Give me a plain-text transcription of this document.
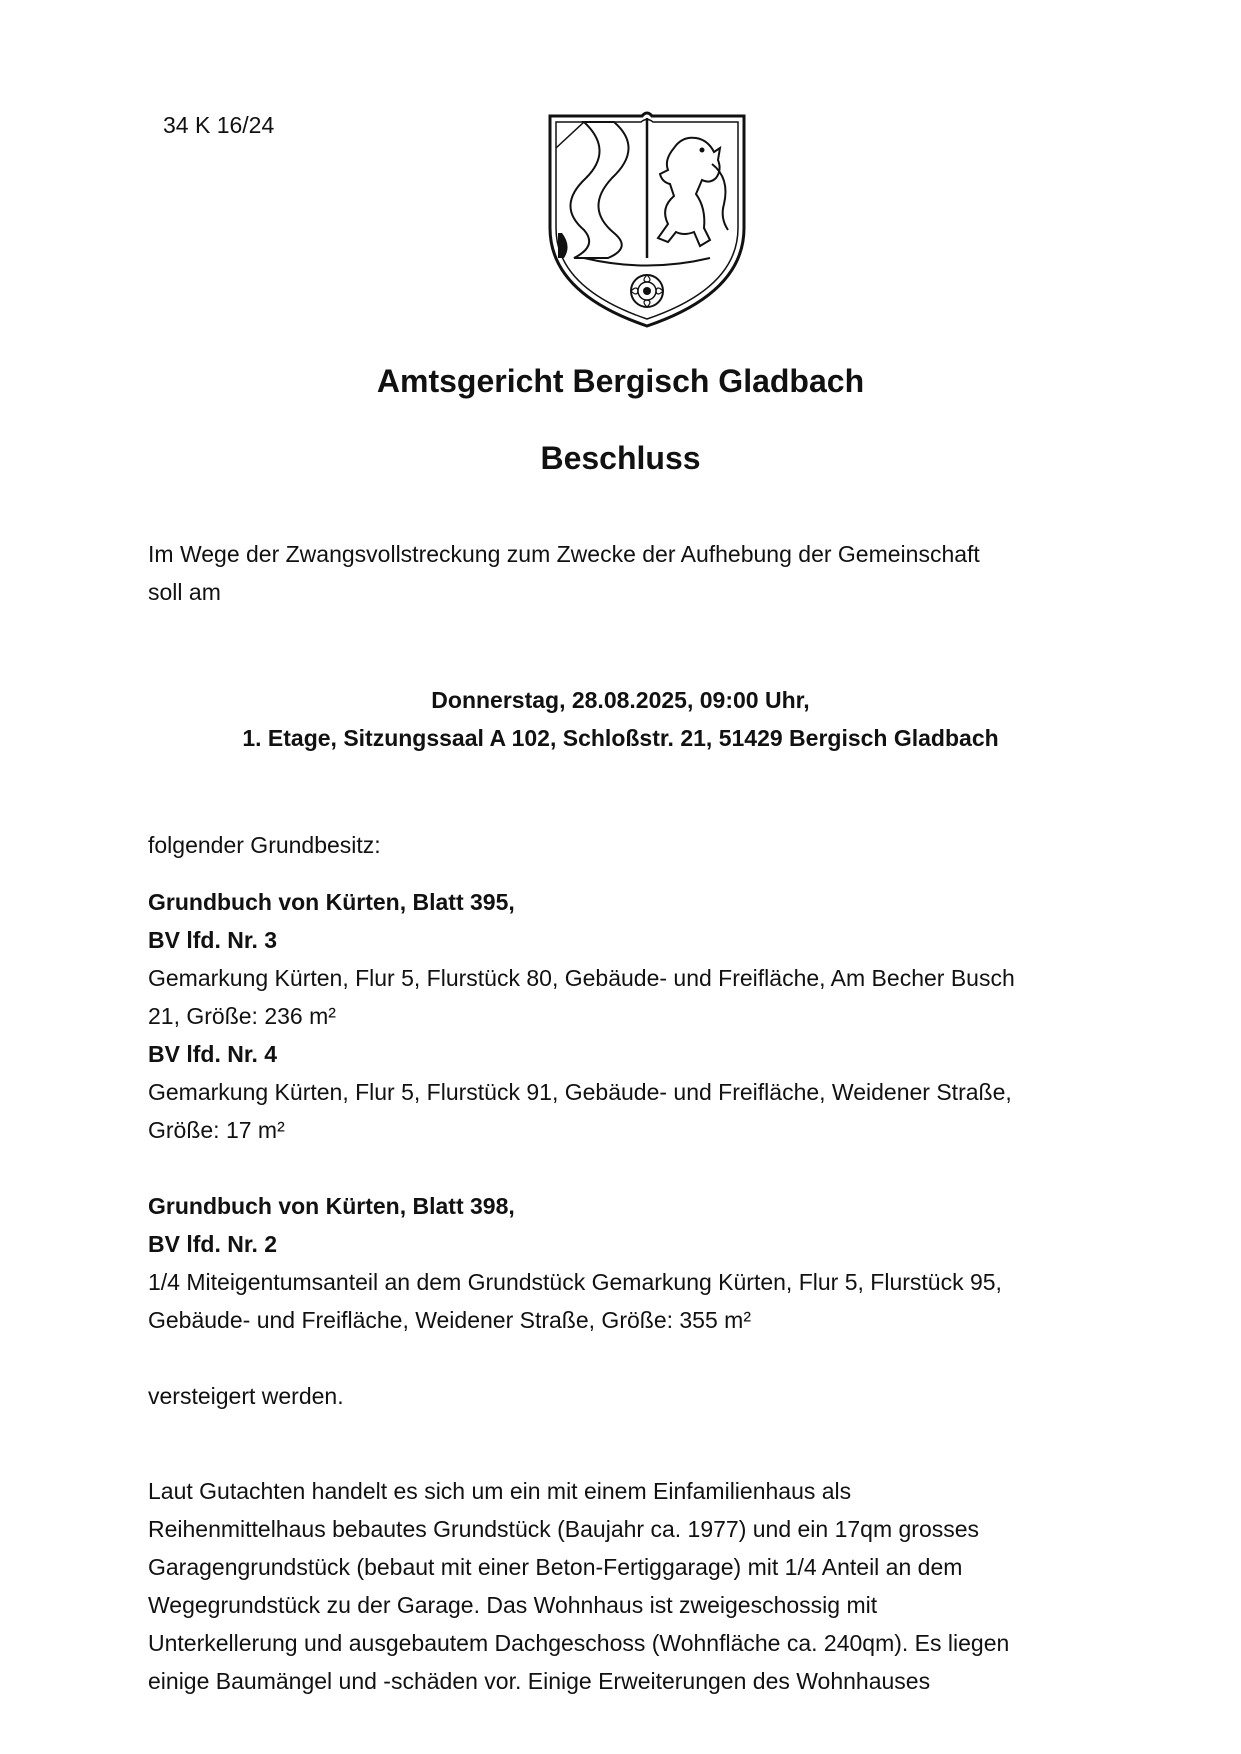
34 K 16/24
Amtsgericht Bergisch Gladbach
Beschluss
Im Wege der Zwangsvollstreckung zum Zwecke der Aufhebung der Gemeinschaft
soll am
Donnerstag, 28.08.2025, 09:00 Uhr,
1. Etage, Sitzungssaal A 102, Schloßstr. 21, 51429 Bergisch Gladbach
folgender Grundbesitz:
Grundbuch von Kürten, Blatt 395,
BV lfd. Nr. 3
Gemarkung Kürten, Flur 5, Flurstück 80, Gebäude- und Freifläche, Am Becher Busch
21, Größe: 236 m²
BV lfd. Nr. 4
Gemarkung Kürten, Flur 5, Flurstück 91, Gebäude- und Freifläche, Weidener Straße,
Größe: 17 m²
Grundbuch von Kürten, Blatt 398,
BV lfd. Nr. 2
1/4 Miteigentumsanteil an dem Grundstück Gemarkung Kürten, Flur 5, Flurstück 95,
Gebäude- und Freifläche, Weidener Straße, Größe: 355 m²
versteigert werden.
Laut Gutachten handelt es sich um ein mit einem Einfamilienhaus als
Reihenmittelhaus bebautes Grundstück (Baujahr ca. 1977) und ein 17qm grosses
Garagengrundstück (bebaut mit einer Beton-Fertiggarage) mit 1/4 Anteil an dem
Wegegrundstück zu der Garage. Das Wohnhaus ist zweigeschossig mit
Unterkellerung und ausgebautem Dachgeschoss (Wohnfläche ca. 240qm). Es liegen
einige Baumängel und -schäden vor. Einige Erweiterungen des Wohnhauses
